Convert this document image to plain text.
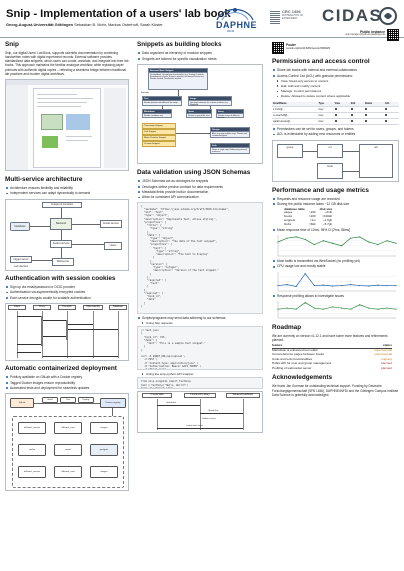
Snip - Implementation of a users' lab book
Georg-August-Universität Göttingen Sebastian B. Mohr, Markus Osterhoff, Sarah Köster	DAPHNE
4NFDI
CRC 1456
MATHEMATICS OF EXPERIMENT	CIDAS
Public instance
snip.roentgen.physik.uni-goettingen.de
Poster
zenodo.org/doi/10.5281/zenodo.6598425/
Snip
Snip, our digital Users' Lab Book, supports scientific documentation by combining handwritten notes with digital experiment records. External software provides standardized data snippets, which users can curate, annotate, and integrate into their lab books. This approach maintains the familiar analogue workflow, while replacing paper printouts with authentic digital copies – reflecting a seamless bridge between traditional lab practices and modern digital workflows.
Multi-service architecture
Architecture ensures flexibility and reliability
Independent services can adapt dynamically to demand
Images & previews
Database
Backend	Email service
Socket service
Users
trigger server
Lab devices
Webserver
Authentication with session cookies
Sign up via email/password or OCID provider
Authentication via asymmetrically encrypted cookies
Each service decrypts cookie for scalable authentication
Client	Proxy	Pre-Auth	Open Identity	Database
Automatic containerized deployment
Publicly available on GitLab with a Docker registry
Tagged Docker images ensure reproducibility
Automated tests and deployment for seamless updates
GitLab	Docker registry
Build	Test	Deploy
fullstack_service	fullstack_next	images
socket	email	postgres
fullstack_service	fullstack_next	images
Snippets as building blocks
Data organized as hierarchy of modular snippets
Snippets are tailored for specific visualization needs
Abstract Base Snippet
Standardized, shared base functionalities e.g. Scaling & rotation, Bounding box checks, Enforces interface for derived classes e.g. Render method, Serialization method
Extends
Text
Render plaintext with different line wraps
Image
Low-level extension for custom renderers e.g. Matplotlib
Markdown
Render markdown text
Uprot
Format as graph-like view
Array
Render arrays of different formats
Timestamp Snippet
Link Snippet
Motor Position Snippet
Custom Snippet
Groups
Allow to group multiple snips. Render with customized layout
Link
Wraps a single snip, Referencing external resources
Data validation using JSON Schemas
JSON Schemas act as ontologies for snippets
Ontologies define precise contract for data requirements
Metadata fields provide built-in documentation
Allow for consistent API communication
{
"$schema": "https://json-schema.org/draft/2020-12/schema",
"$id": "text",
"type": "object",
"description": "Represents text, allows styling.",
"properties": {
"title": {
"type": "string"
},
"data": {
"type": "object",
"description": "The data of the text snippet",
"properties": {
"text": {
"type": "string",
"description": "The text to display"
}
},
"version": {
"type": "integer",
"description": "Version of the text snippet."
}
},
"required": [
"text"
]
},
"required": [
"book_id",
"data"
]
}
Scripts/programs may send data adhering to our schemas
Using http requests
// text.json
{
"book_id": 155,
"data": {
"text": "This is a sample text snippet."
}
}

curl -X $SNIP_URL/api/upload \
-X POST \
-H "Content-Type: application/json" \
-H "Authorization: Bearer $API_TOKEN" \
-d "@text.json"
Using the snip-python API wrapper
from snip.snippets import TextSnip
text = TextSnip("Hello, World!")
text.upload(book_id=1)
Provide data	Format API Library	Backend (LabBook)
Upload data
Upload Snip
Validate schema
Confirm data stored
Permissions and access control
Share lab books with internal and external collaborators
Access Control List (ACL) with granular permissions:
View: Read only access to content
Edit: Add and modify content
Manage: Control permissions
Delete: Allowed to delete content where applicable
Email/Name	Type	View	Edit	Delete	ACL
s.mohr@...	User				
m.osterhoff@...	User				
sarah.koester@...	User				
Permissions can be set for users, groups, and tokens
ACL is extendable by adding new resources or entities
group	url	acl
book
Performance and usage metrics
Requests and resource usage are recorded
Storing the public instance takes ~12 GB disk size
database table		disk size
pages	>24k	~3mb
books	>200	<100kb
snippets	>1m	~1.6gb
blobs	>60k	~5.7gb
Mean response time of 12ms, 95% CI [2ms, 58ms]
Most traffic is transmitted via WebSocket (no profiling yet)
CPU usage low and mostly stable
Response profiling allows to investigate issues
Roadmap
We are currently on version v1.12.1 and have some more features and refinements planned.
feature	status
Markdown & enhanced text editor	experimental
Crossreference pages between books	experimental
Undo and redo functionalities	ongoing
Public API for user and group management	planned
Profiling of websocket server	planned
Acknowledgements
We thank Jan Goeman for outstanding technical support. Funding by Deutsche Forschungsgemeinschaft (SFB 1456), DAPHNE4NFDI and the Göttingen Campus Institute Data Science is gratefully acknowledged.
